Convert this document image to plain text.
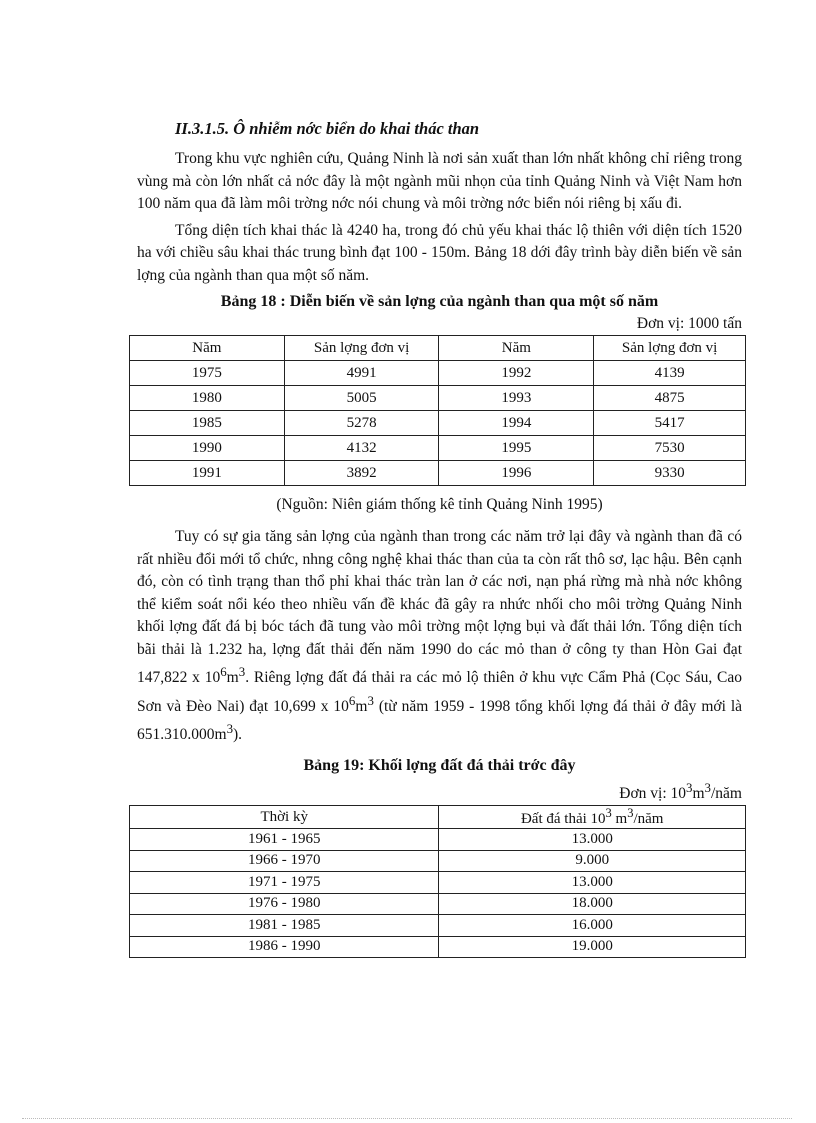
II.3.1.5. Ô nhiễm nớc biển do khai thác than

Trong khu vực nghiên cứu, Quảng Ninh là nơi sản xuất than lớn nhất không chỉ riêng trong vùng mà còn lớn nhất cả nớc đây là một ngành mũi nhọn của tỉnh Quảng Ninh và Việt Nam hơn 100 năm qua đã làm môi trờng nớc nói chung và môi trờng nớc biển nói riêng bị xấu đi.

Tổng diện tích khai thác là 4240 ha, trong đó chủ yếu khai thác lộ thiên với diện tích 1520 ha với chiều sâu khai thác trung bình đạt 100 - 150m. Bảng 18 dới đây trình bày diễn biến về sản lợng của ngành than qua một số năm.

Bảng 18 : Diễn biến về sản lợng của ngành than qua một số năm
Đơn vị: 1000 tấn
Năm	Sản lợng đơn vị	Năm	Sản lợng đơn vị
1975	4991	1992	4139
1980	5005	1993	4875
1985	5278	1994	5417
1990	4132	1995	7530
1991	3892	1996	9330
(Nguồn: Niên giám thống kê tỉnh Quảng Ninh 1995)

Tuy có sự gia tăng sản lợng của ngành than trong các năm trở lại đây và ngành than đã có rất nhiều đổi mới tổ chức, nhng công nghệ khai thác than của ta còn rất thô sơ, lạc hậu. Bên cạnh đó, còn có tình trạng than thổ phỉ khai thác tràn lan ở các nơi, nạn phá rừng mà nhà nớc không thể kiểm soát nổi kéo theo nhiều vấn đề khác đã gây ra nhức nhối cho môi trờng Quảng Ninh khối lợng đất đá bị bóc tách đã tung vào môi trờng một lợng bụi và đất thải lớn. Tổng diện tích bãi thải là 1.232 ha, lợng đất thải đến năm 1990 do các mỏ than ở công ty than Hòn Gai đạt 147,822 x $10^6m^3$. Riêng lợng đất đá thải ra các mỏ lộ thiên ở khu vực Cẩm Phả (Cọc Sáu, Cao Sơn và Đèo Nai) đạt 10,699 x $10^6m^3$ (từ năm 1959 - 1998 tổng khối lợng đá thải ở đây mới là $651.310.000m^3$).

Bảng 19: Khối lợng đất đá thải trớc đây
Đơn vị: $10^3m^3$/năm
Thời kỳ	Đất đá thải $10^3$ $m^3$/năm
1961 - 1965	13.000
1966 - 1970	9.000
1971 - 1975	13.000
1976 - 1980	18.000
1981 - 1985	16.000
1986 - 1990	19.000
